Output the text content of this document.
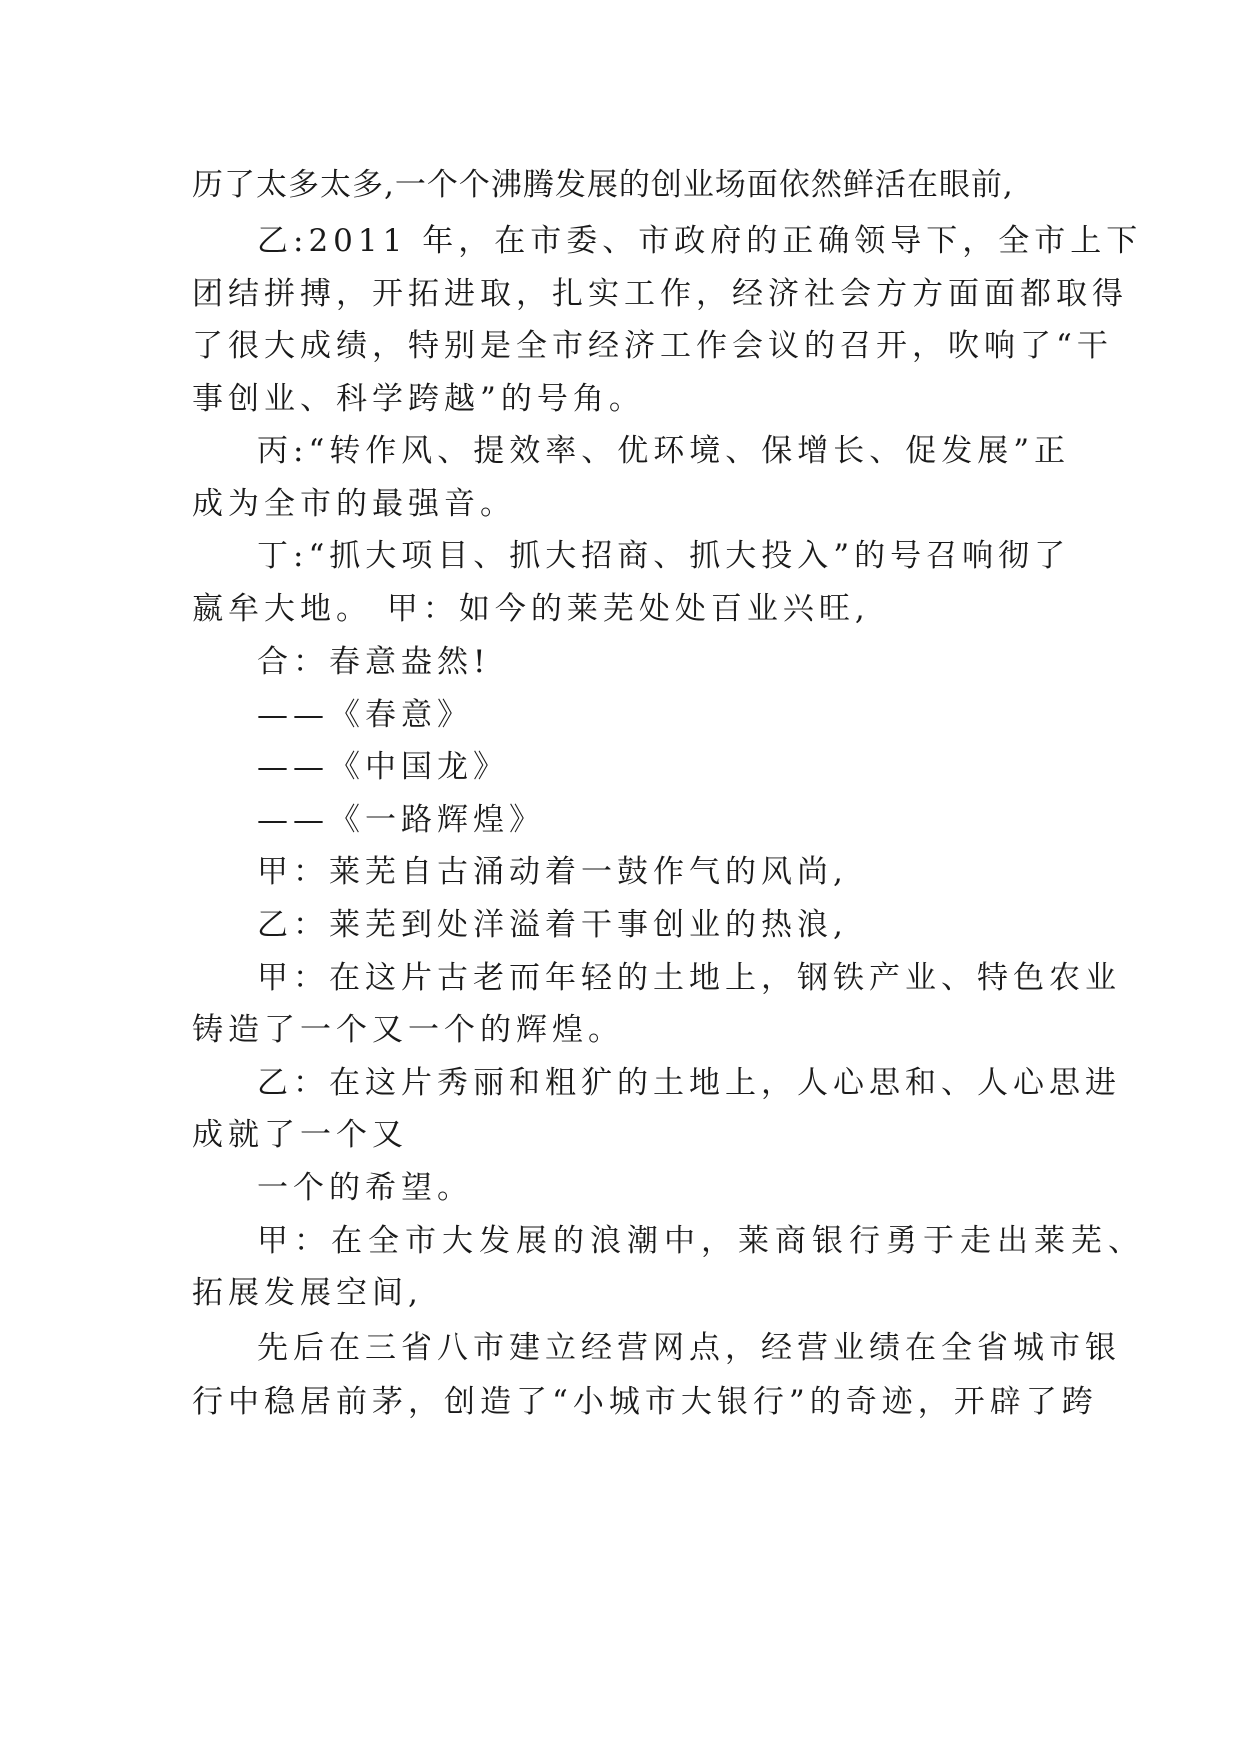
历了太多太多,一个个沸腾发展的创业场面依然鲜活在眼前,
乙:2011 年，在市委、市政府的正确领导下，全市上下
团结拼搏，开拓进取，扎实工作，经济社会方方面面都取得
了很大成绩，特别是全市经济工作会议的召开，吹响了“干
事创业、科学跨越”的号角。
丙:“转作风、提效率、优环境、保增长、促发展”正
成为全市的最强音。
丁:“抓大项目、抓大招商、抓大投入”的号召响彻了
嬴牟大地。 甲：如今的莱芜处处百业兴旺,
合：春意盎然!
——《春意》
——《中国龙》
——《一路辉煌》
甲：莱芜自古涌动着一鼓作气的风尚,
乙：莱芜到处洋溢着干事创业的热浪,
甲：在这片古老而年轻的土地上，钢铁产业、特色农业
铸造了一个又一个的辉煌。
乙：在这片秀丽和粗犷的土地上，人心思和、人心思进
成就了一个又
一个的希望。
甲：在全市大发展的浪潮中，莱商银行勇于走出莱芜、
拓展发展空间,
先后在三省八市建立经营网点，经营业绩在全省城市银
行中稳居前茅，创造了“小城市大银行”的奇迹，开辟了跨
